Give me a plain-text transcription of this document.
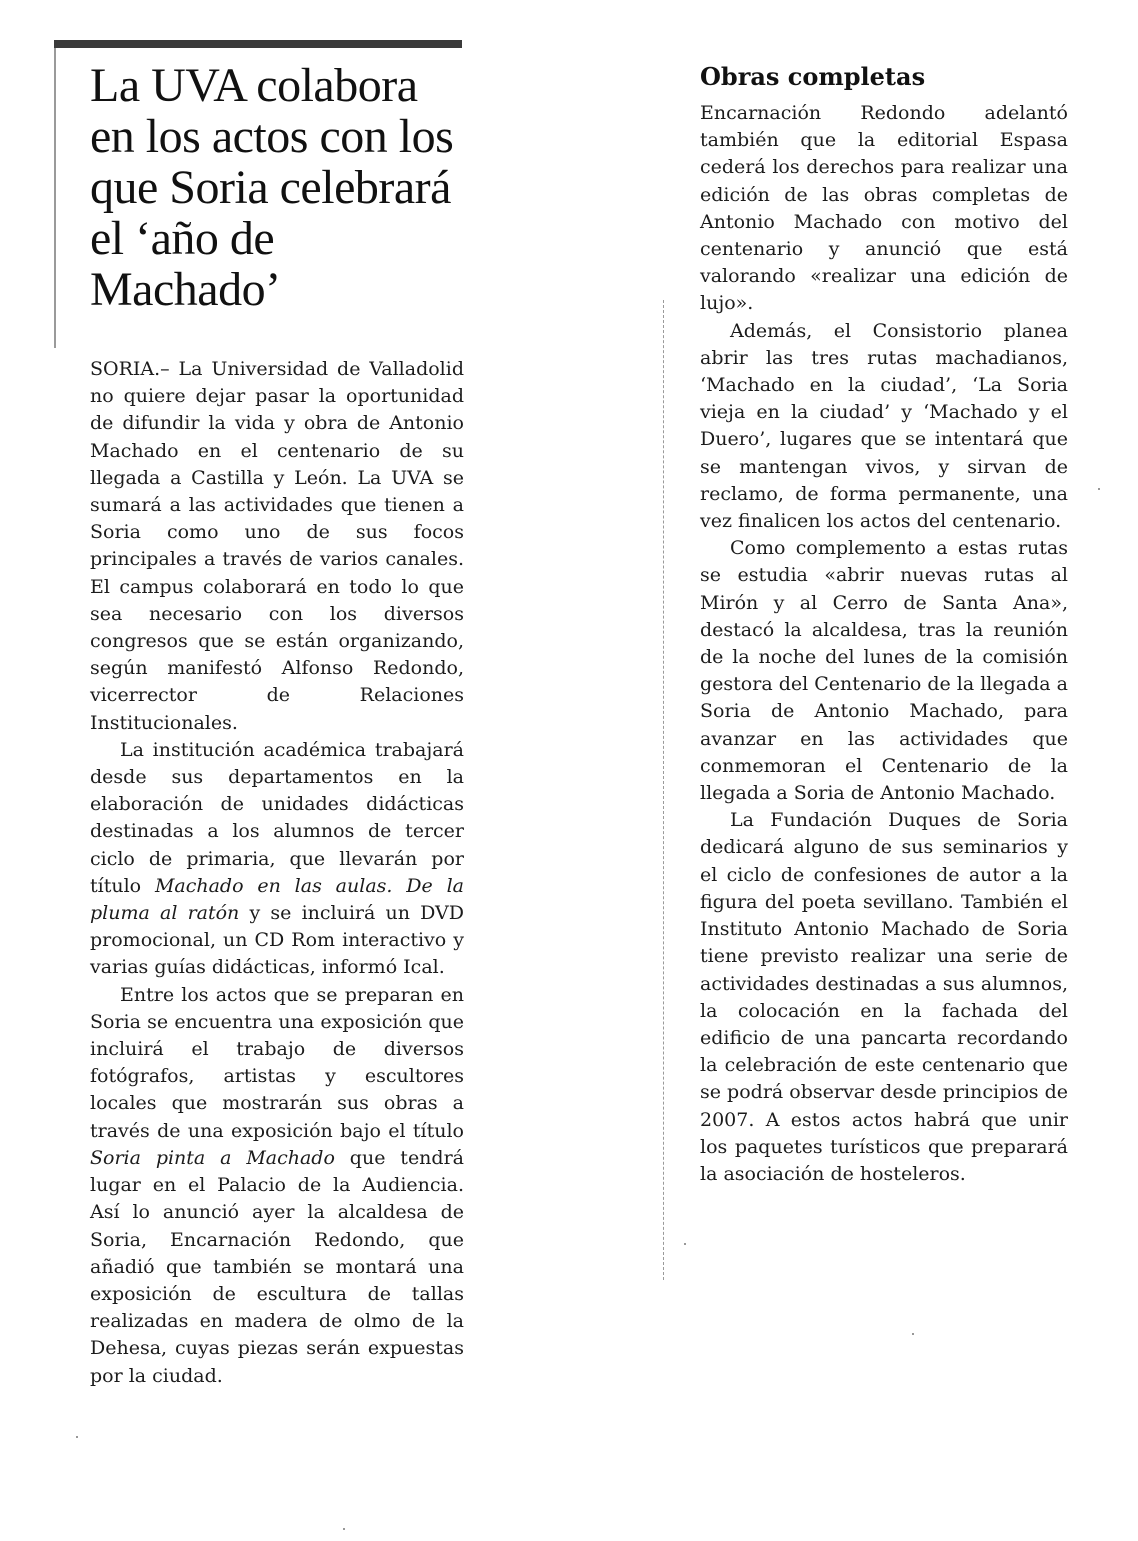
La UVA colabora en los actos con los que Soria celebrará el ‘año de Machado’

SORIA.– La Universidad de Valladolid no quiere dejar pasar la oportunidad de difundir la vida y obra de Antonio Machado en el centenario de su llegada a Castilla y León. La UVA se sumará a las actividades que tienen a Soria como uno de sus focos principales a través de varios canales. El campus colaborará en todo lo que sea necesario con los diversos congresos que se están organizando, según manifestó Alfonso Redondo, vicerrector de Relaciones Institucionales.

La institución académica trabajará desde sus departamentos en la elaboración de unidades didácticas destinadas a los alumnos de tercer ciclo de primaria, que llevarán por título Machado en las aulas. De la pluma al ratón y se incluirá un DVD promocional, un CD Rom interactivo y varias guías didácticas, informó Ical.

Entre los actos que se preparan en Soria se encuentra una exposición que incluirá el trabajo de diversos fotógrafos, artistas y escultores locales que mostrarán sus obras a través de una exposición bajo el título Soria pinta a Machado que tendrá lugar en el Palacio de la Audiencia. Así lo anunció ayer la alcaldesa de Soria, Encarnación Redondo, que añadió que también se montará una exposición de escultura de tallas realizadas en madera de olmo de la Dehesa, cuyas piezas serán expuestas por la ciudad.

Obras completas

Encarnación Redondo adelantó también que la editorial Espasa cederá los derechos para realizar una edición de las obras completas de Antonio Machado con motivo del centenario y anunció que está valorando «realizar una edición de lujo».

Además, el Consistorio planea abrir las tres rutas machadianos, ‘Machado en la ciudad’, ‘La Soria vieja en la ciudad’ y ‘Machado y el Duero’, lugares que se intentará que se mantengan vivos, y sirvan de reclamo, de forma permanente, una vez finalicen los actos del centenario.

Como complemento a estas rutas se estudia «abrir nuevas rutas al Mirón y al Cerro de Santa Ana», destacó la alcaldesa, tras la reunión de la noche del lunes de la comisión gestora del Centenario de la llegada a Soria de Antonio Machado, para avanzar en las actividades que conmemoran el Centenario de la llegada a Soria de Antonio Machado.

La Fundación Duques de Soria dedicará alguno de sus seminarios y el ciclo de confesiones de autor a la figura del poeta sevillano. También el Instituto Antonio Machado de Soria tiene previsto realizar una serie de actividades destinadas a sus alumnos, la colocación en la fachada del edificio de una pancarta recordando la celebración de este centenario que se podrá observar desde principios de 2007. A estos actos habrá que unir los paquetes turísticos que preparará la asociación de hosteleros.
